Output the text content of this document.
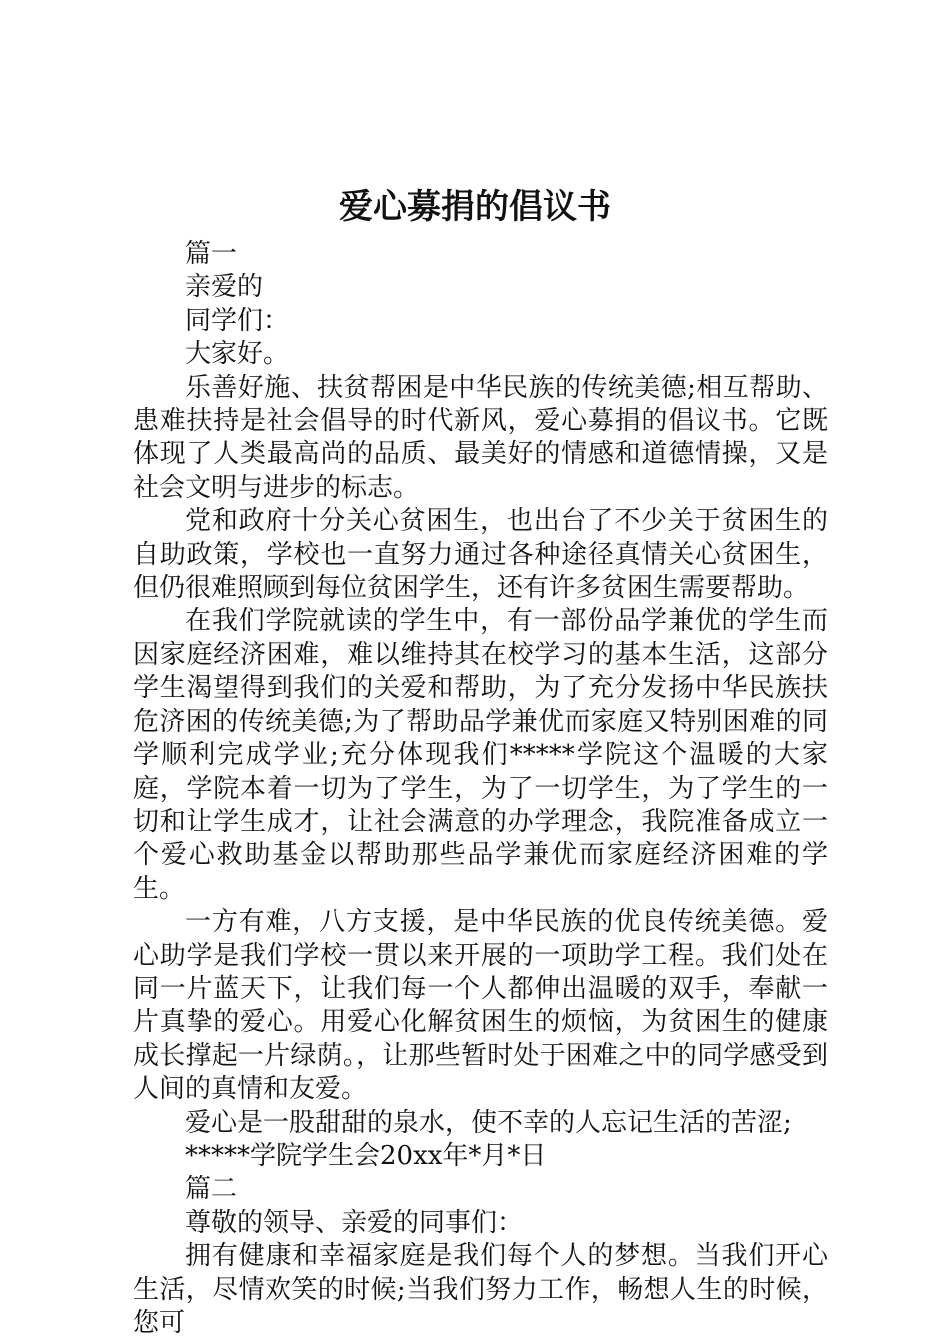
爱心募捐的倡议书

篇一

亲爱的

同学们：

大家好。

乐善好施、扶贫帮困是中华民族的传统美德;相互帮助、患难扶持是社会倡导的时代新风，爱心募捐的倡议书。它既体现了人类最高尚的品质、最美好的情感和道德情操，又是社会文明与进步的标志。

党和政府十分关心贫困生，也出台了不少关于贫困生的自助政策，学校也一直努力通过各种途径真情关心贫困生，但仍很难照顾到每位贫困学生，还有许多贫困生需要帮助。

在我们学院就读的学生中，有一部份品学兼优的学生而因家庭经济困难，难以维持其在校学习的基本生活，这部分学生渴望得到我们的关爱和帮助，为了充分发扬中华民族扶危济困的传统美德;为了帮助品学兼优而家庭又特别困难的同学顺利完成学业;充分体现我们*****学院这个温暖的大家庭，学院本着一切为了学生，为了一切学生，为了学生的一切和让学生成才，让社会满意的办学理念，我院准备成立一个爱心救助基金以帮助那些品学兼优而家庭经济困难的学生。

一方有难，八方支援，是中华民族的优良传统美德。爱心助学是我们学校一贯以来开展的一项助学工程。我们处在同一片蓝天下，让我们每一个人都伸出温暖的双手，奉献一片真挚的爱心。用爱心化解贫困生的烦恼，为贫困生的健康成长撑起一片绿荫。，让那些暂时处于困难之中的同学感受到人间的真情和友爱。

爱心是一股甜甜的泉水，使不幸的人忘记生活的苦涩;

*****学院学生会20xx年*月*日

篇二

尊敬的领导、亲爱的同事们：

拥有健康和幸福家庭是我们每个人的梦想。当我们开心生活，尽情欢笑的时候;当我们努力工作，畅想人生的时候，您可
